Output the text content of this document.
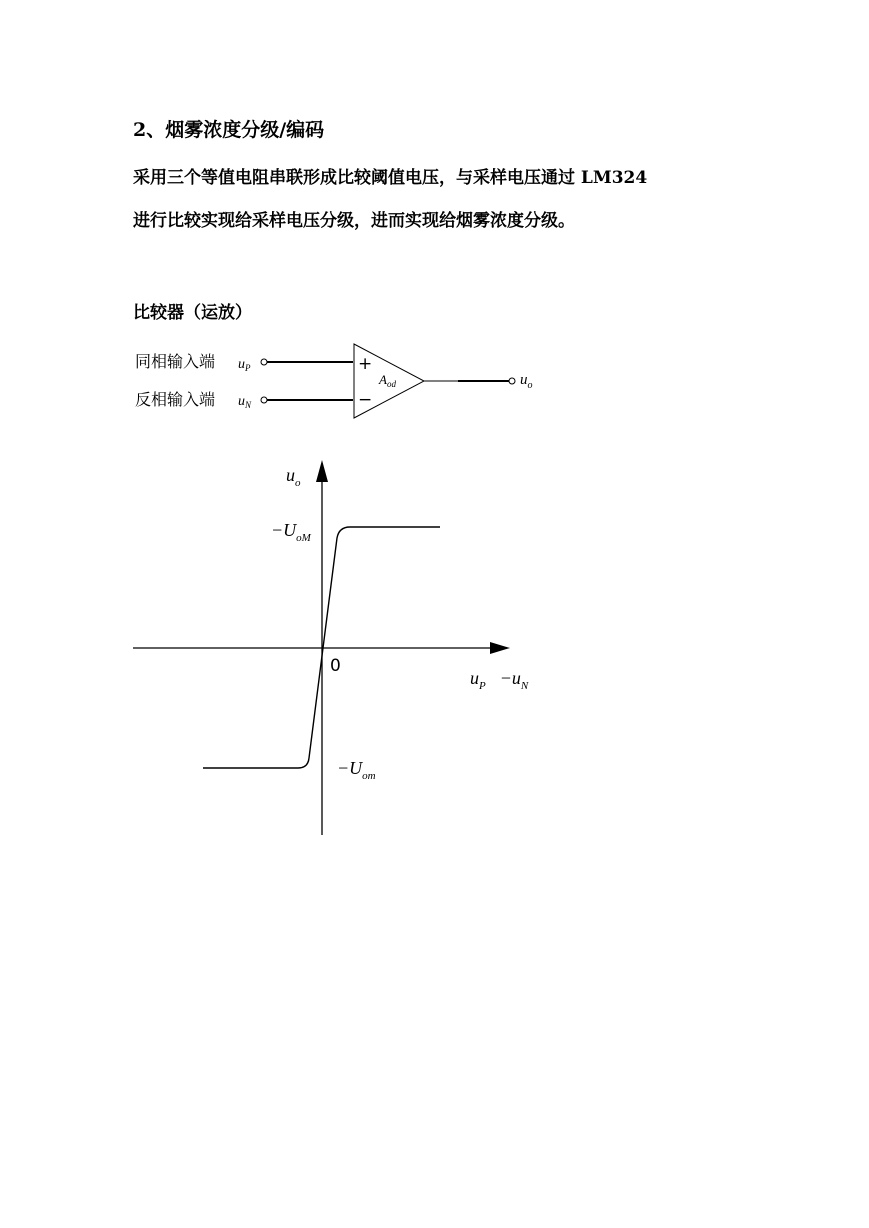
2、烟雾浓度分级/编码

采用三个等值电阻串联形成比较阈值电压，与采样电压通过 LM324

进行比较实现给采样电压分级，进而实现给烟雾浓度分级。

比较器（运放）

同相输入端 $u_P$
反相输入端 $u_N$
+
−
$A_{od}$	$u_o$
$u_o$
$-U_{oM}$
0
$u_P -u_N$
$-U_{om}$
